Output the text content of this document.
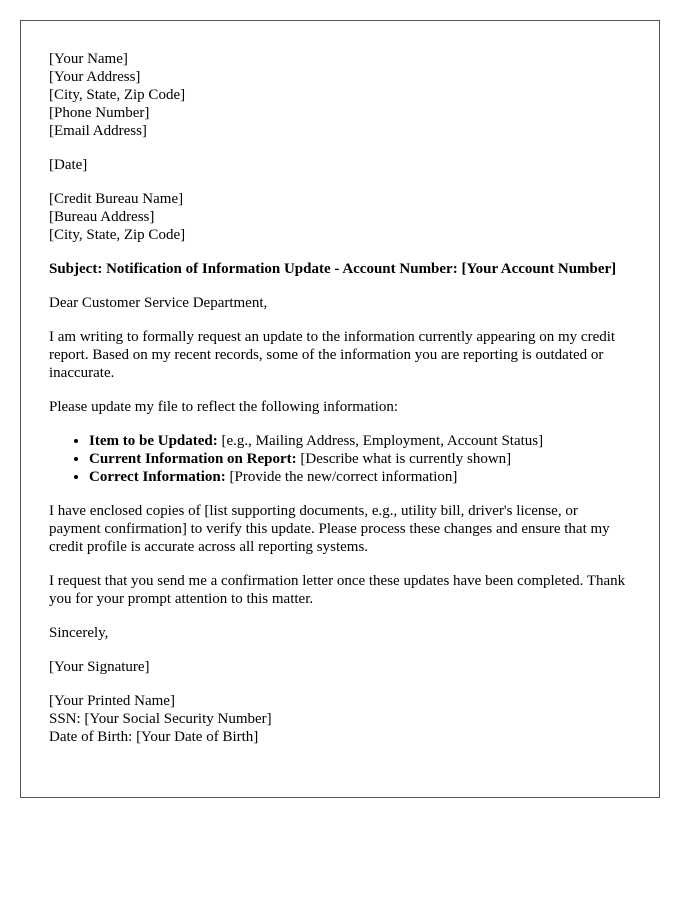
[Your Name]
[Your Address]
[City, State, Zip Code]
[Phone Number]
[Email Address]
[Date]
[Credit Bureau Name]
[Bureau Address]
[City, State, Zip Code]
Subject: Notification of Information Update - Account Number: [Your Account Number]
Dear Customer Service Department,
I am writing to formally request an update to the information currently appearing on my credit report. Based on my recent records, some of the information you are reporting is outdated or inaccurate.
Please update my file to reflect the following information:
• Item to be Updated: [e.g., Mailing Address, Employment, Account Status]
• Current Information on Report: [Describe what is currently shown]
• Correct Information: [Provide the new/correct information]
I have enclosed copies of [list supporting documents, e.g., utility bill, driver's license, or payment confirmation] to verify this update. Please process these changes and ensure that my credit profile is accurate across all reporting systems.
I request that you send me a confirmation letter once these updates have been completed. Thank you for your prompt attention to this matter.
Sincerely,
[Your Signature]
[Your Printed Name]
SSN: [Your Social Security Number]
Date of Birth: [Your Date of Birth]
